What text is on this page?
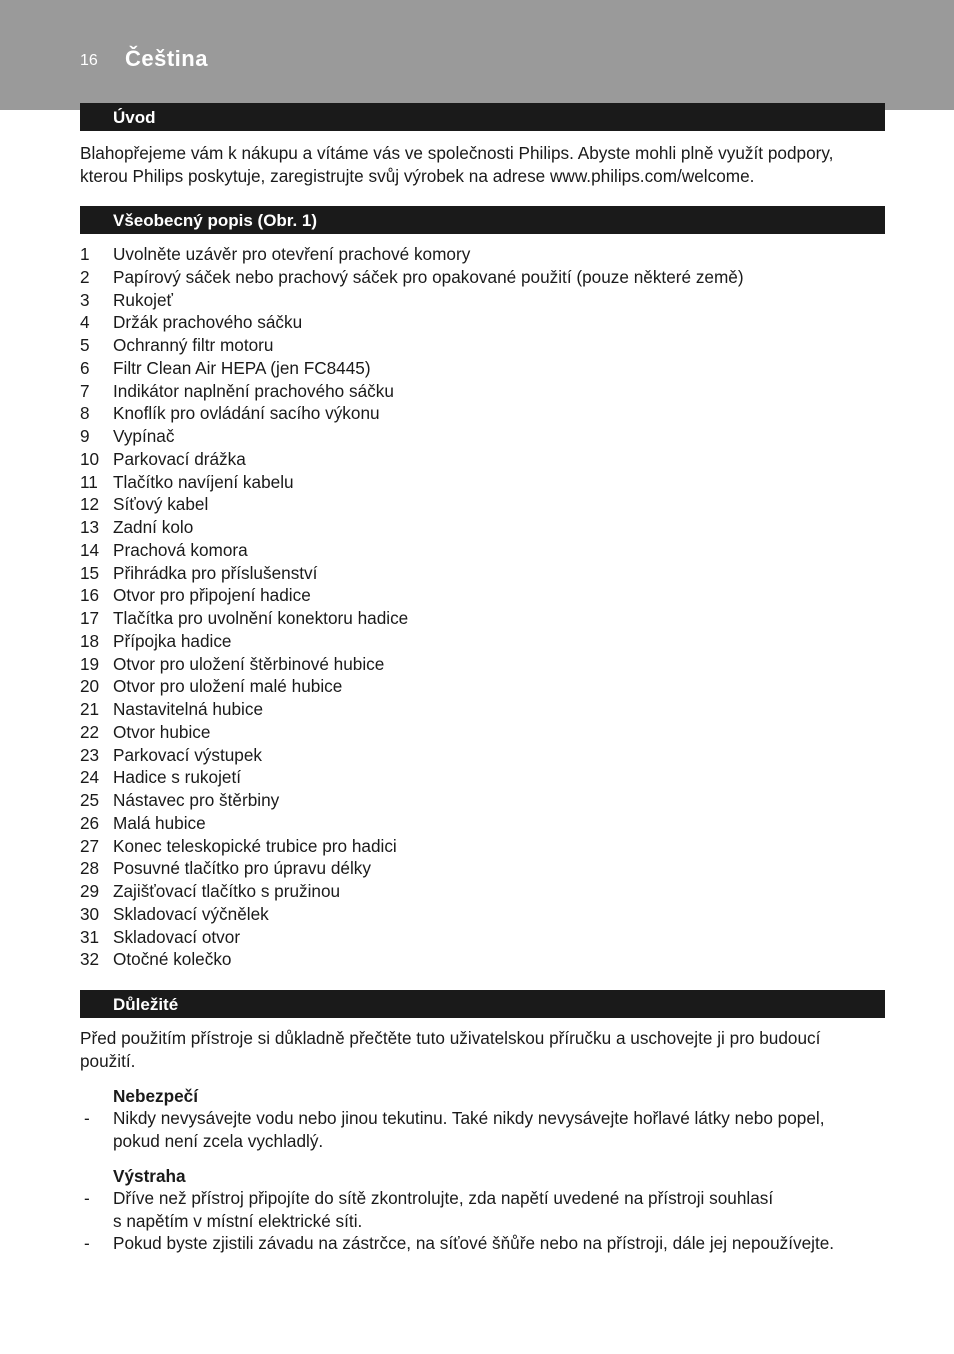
16 Čeština
Úvod
Blahopřejeme vám k nákupu a vítáme vás ve společnosti Philips. Abyste mohli plně využít podpory,
kterou Philips poskytuje, zaregistrujte svůj výrobek na adrese www.philips.com/welcome.
Všeobecný popis (Obr. 1)
1 Uvolněte uzávěr pro otevření prachové komory
2 Papírový sáček nebo prachový sáček pro opakované použití (pouze některé země)
3 Rukojeť
4 Držák prachového sáčku
5 Ochranný filtr motoru
6 Filtr Clean Air HEPA (jen FC8445)
7 Indikátor naplnění prachového sáčku
8 Knoflík pro ovládání sacího výkonu
9 Vypínač
10 Parkovací drážka
11 Tlačítko navíjení kabelu
12 Síťový kabel
13 Zadní kolo
14 Prachová komora
15 Přihrádka pro příslušenství
16 Otvor pro připojení hadice
17 Tlačítka pro uvolnění konektoru hadice
18 Přípojka hadice
19 Otvor pro uložení štěrbinové hubice
20 Otvor pro uložení malé hubice
21 Nastavitelná hubice
22 Otvor hubice
23 Parkovací výstupek
24 Hadice s rukojetí
25 Nástavec pro štěrbiny
26 Malá hubice
27 Konec teleskopické trubice pro hadici
28 Posuvné tlačítko pro úpravu délky
29 Zajišťovací tlačítko s pružinou
30 Skladovací výčnělek
31 Skladovací otvor
32 Otočné kolečko
Důležité
Před použitím přístroje si důkladně přečtěte tuto uživatelskou příručku a uschovejte ji pro budoucí
použití.
Nebezpečí
- Nikdy nevysávejte vodu nebo jinou tekutinu. Také nikdy nevysávejte hořlavé látky nebo popel,
pokud není zcela vychladlý.
Výstraha
- Dříve než přístroj připojíte do sítě zkontrolujte, zda napětí uvedené na přístroji souhlasí
s napětím v místní elektrické síti.
- Pokud byste zjistili závadu na zástrčce, na síťové šňůře nebo na přístroji, dále jej nepoužívejte.
